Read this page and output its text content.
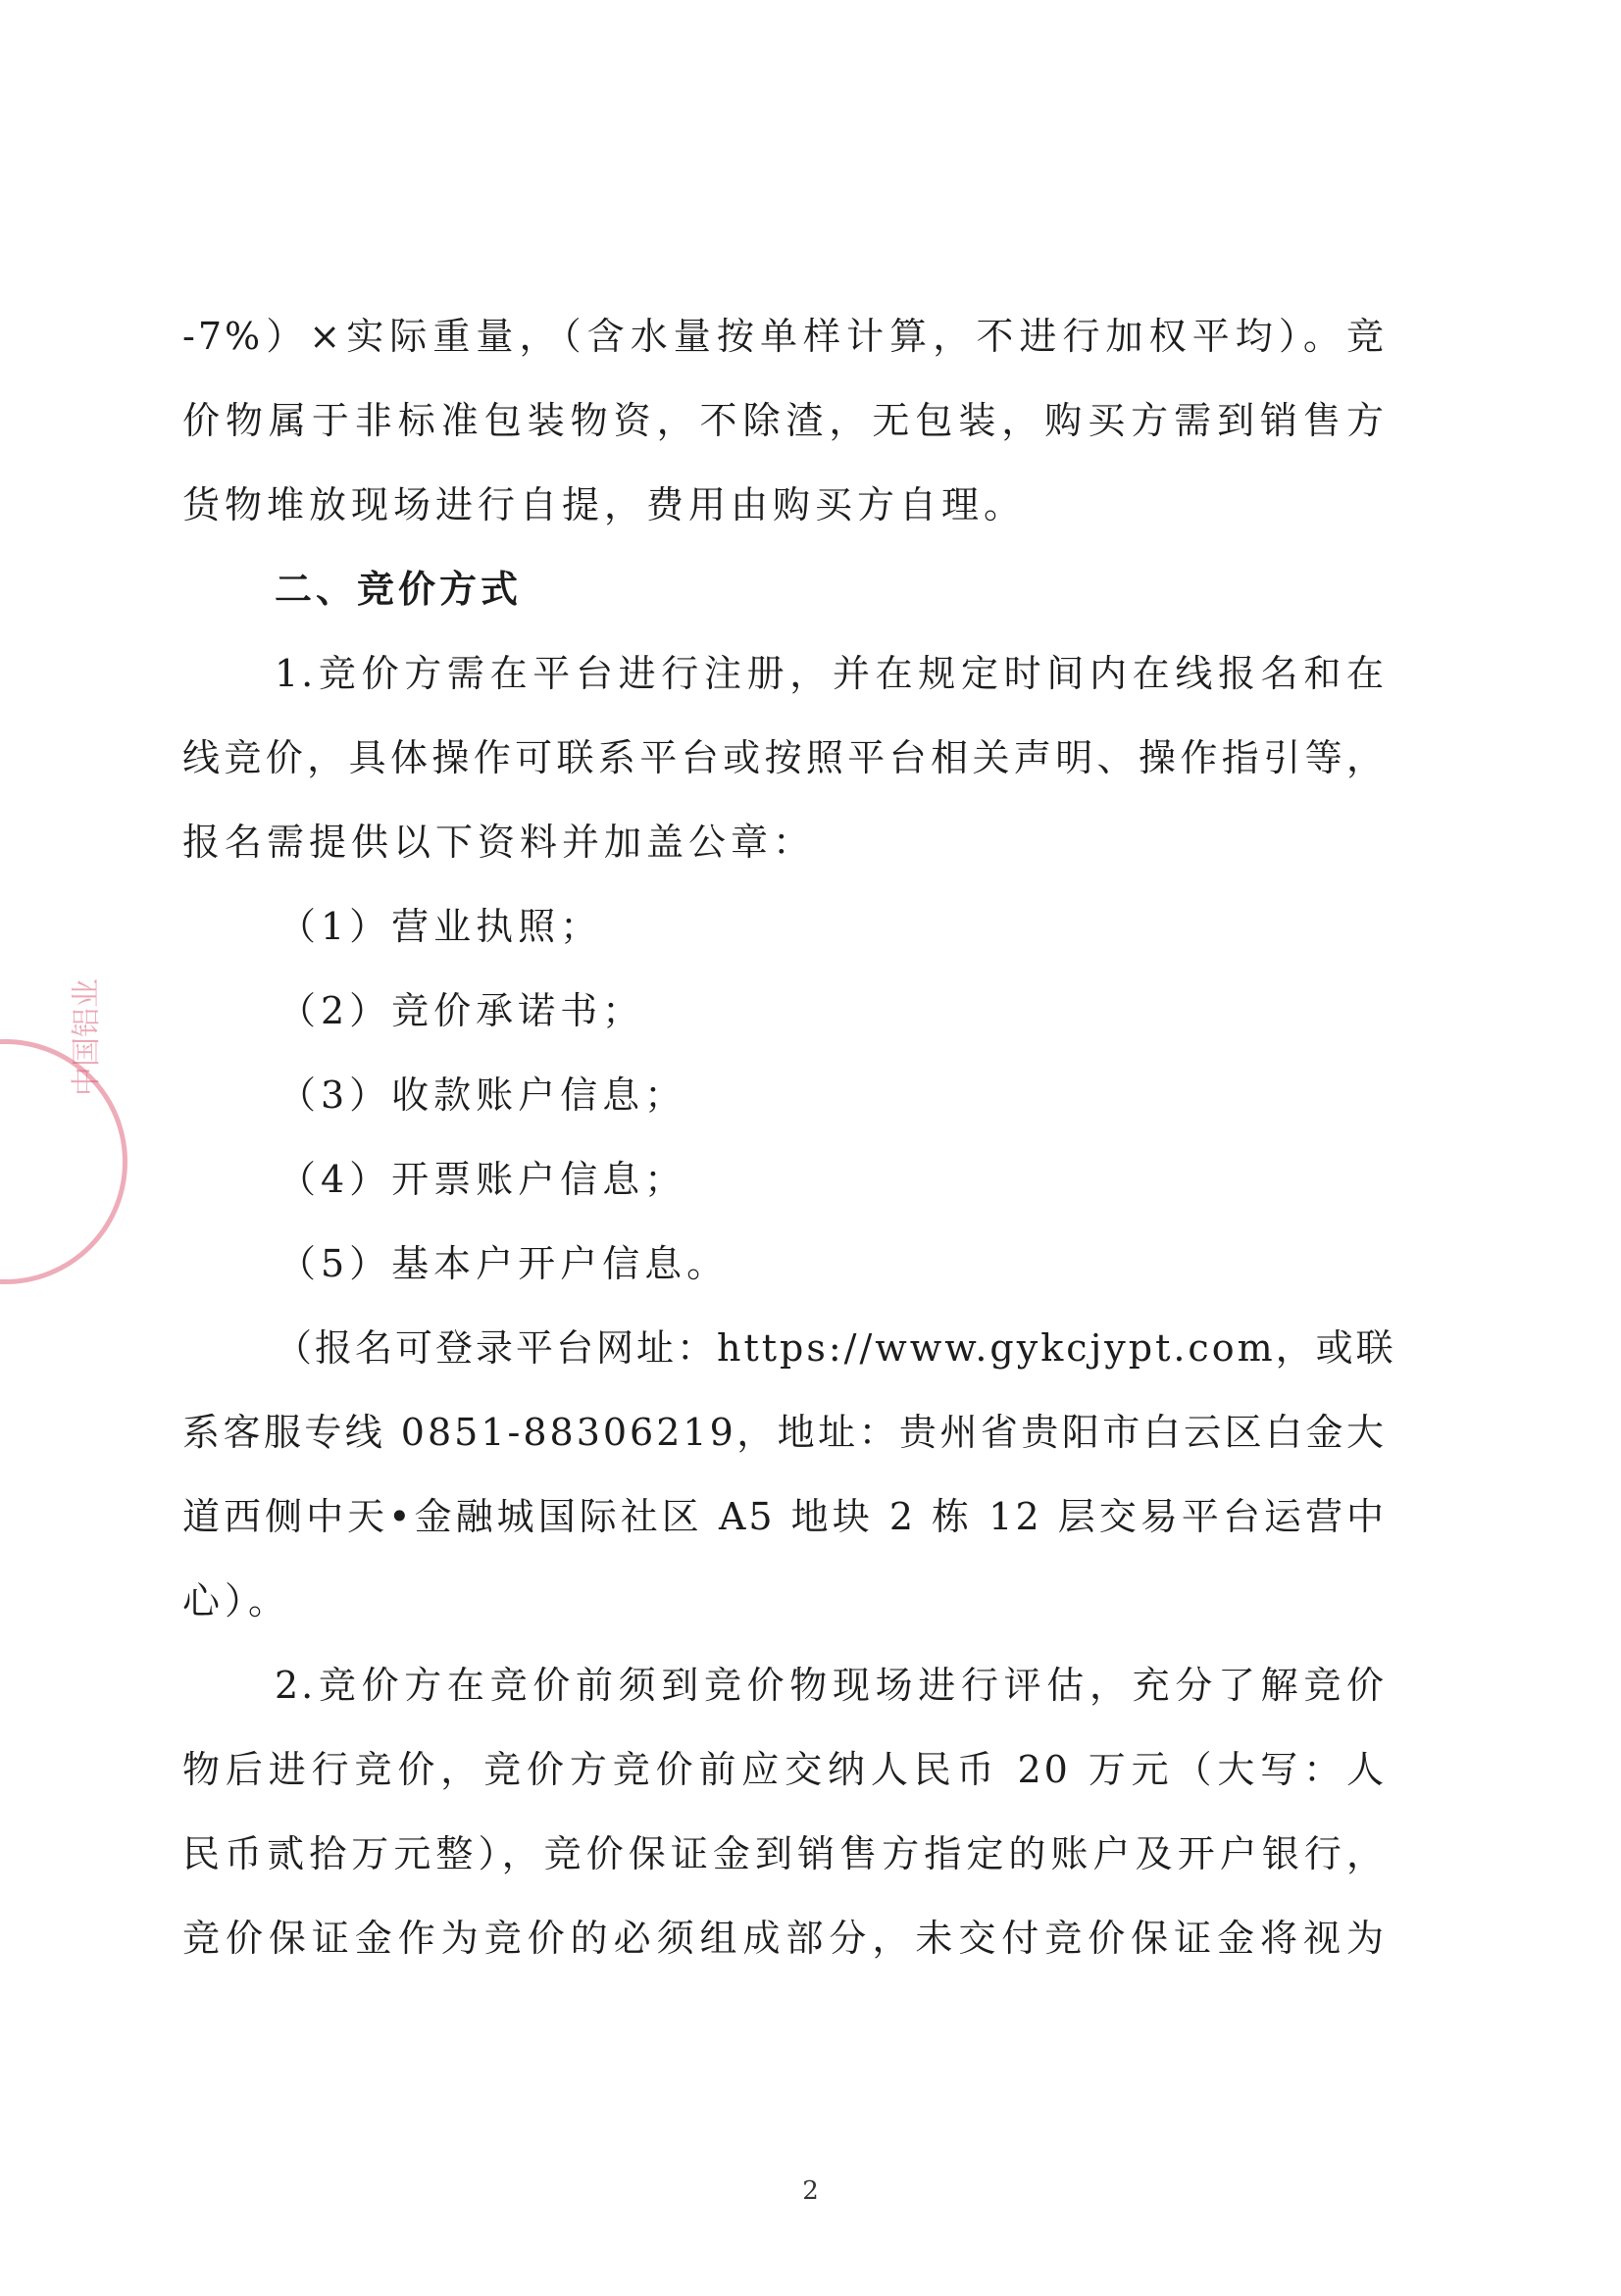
中国铝业
-7%）×实际重量，（含水量按单样计算，不进行加权平均）。竞
价物属于非标准包装物资，不除渣，无包装，购买方需到销售方
货物堆放现场进行自提，费用由购买方自理。
二、竞价方式
1.竞价方需在平台进行注册，并在规定时间内在线报名和在
线竞价，具体操作可联系平台或按照平台相关声明、操作指引等，
报名需提供以下资料并加盖公章：
（1）营业执照；
（2）竞价承诺书；
（3）收款账户信息；
（4）开票账户信息；
（5）基本户开户信息。
（报名可登录平台网址：https://www.gykcjypt.com，或联
系客服专线 0851-88306219，地址：贵州省贵阳市白云区白金大
道西侧中天•金融城国际社区 A5 地块 2 栋 12 层交易平台运营中
心）。
2.竞价方在竞价前须到竞价物现场进行评估，充分了解竞价
物后进行竞价，竞价方竞价前应交纳人民币 20 万元（大写：人
民币贰拾万元整），竞价保证金到销售方指定的账户及开户银行，
竞价保证金作为竞价的必须组成部分，未交付竞价保证金将视为
2
